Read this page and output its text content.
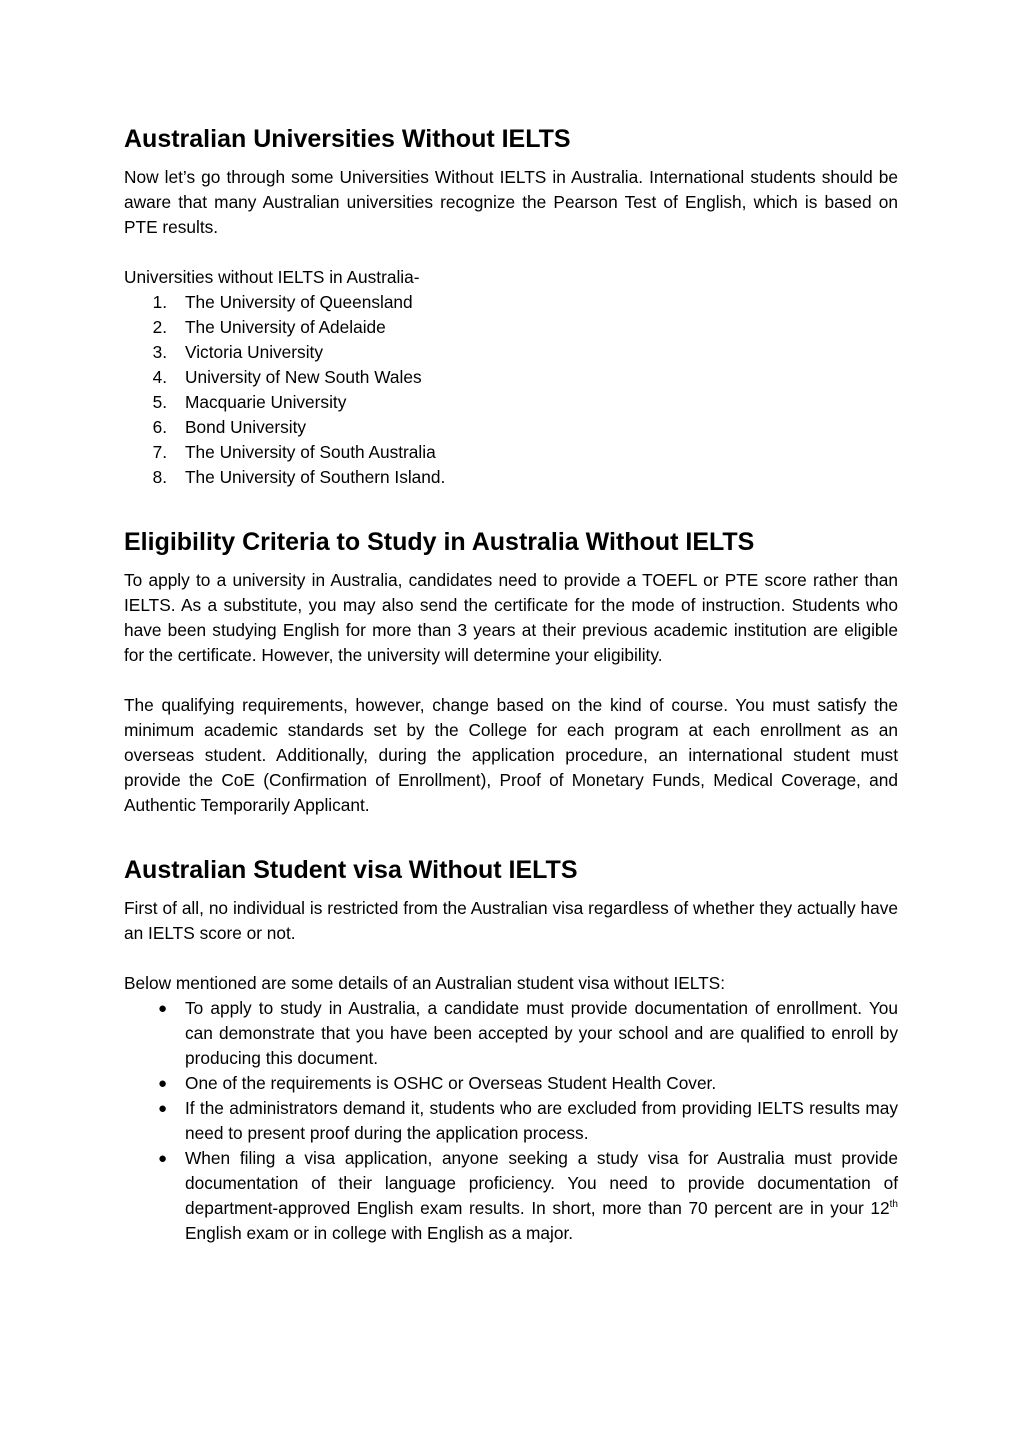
Australian Universities Without IELTS

Now let’s go through some Universities Without IELTS in Australia. International students should be aware that many Australian universities recognize the Pearson Test of English, which is based on PTE results.

Universities without IELTS in Australia-

1. The University of Queensland
2. The University of Adelaide
3. Victoria University
4. University of New South Wales
5. Macquarie University
6. Bond University
7. The University of South Australia
8. The University of Southern Island.
Eligibility Criteria to Study in Australia Without IELTS

To apply to a university in Australia, candidates need to provide a TOEFL or PTE score rather than IELTS. As a substitute, you may also send the certificate for the mode of instruction. Students who have been studying English for more than 3 years at their previous academic institution are eligible for the certificate. However, the university will determine your eligibility.

The qualifying requirements, however, change based on the kind of course. You must satisfy the minimum academic standards set by the College for each program at each enrollment as an overseas student. Additionally, during the application procedure, an international student must provide the CoE (Confirmation of Enrollment), Proof of Monetary Funds, Medical Coverage, and Authentic Temporarily Applicant.

Australian Student visa Without IELTS

First of all, no individual is restricted from the Australian visa regardless of whether they actually have an IELTS score or not.

Below mentioned are some details of an Australian student visa without IELTS:

● To apply to study in Australia, a candidate must provide documentation of enrollment. You can demonstrate that you have been accepted by your school and are qualified to enroll by producing this document.
● One of the requirements is OSHC or Overseas Student Health Cover.
● If the administrators demand it, students who are excluded from providing IELTS results may need to present proof during the application process.
● When filing a visa application, anyone seeking a study visa for Australia must provide documentation of their language proficiency. You need to provide documentation of department-approved English exam results. In short, more than 70 percent are in your 12th English exam or in college with English as a major.
